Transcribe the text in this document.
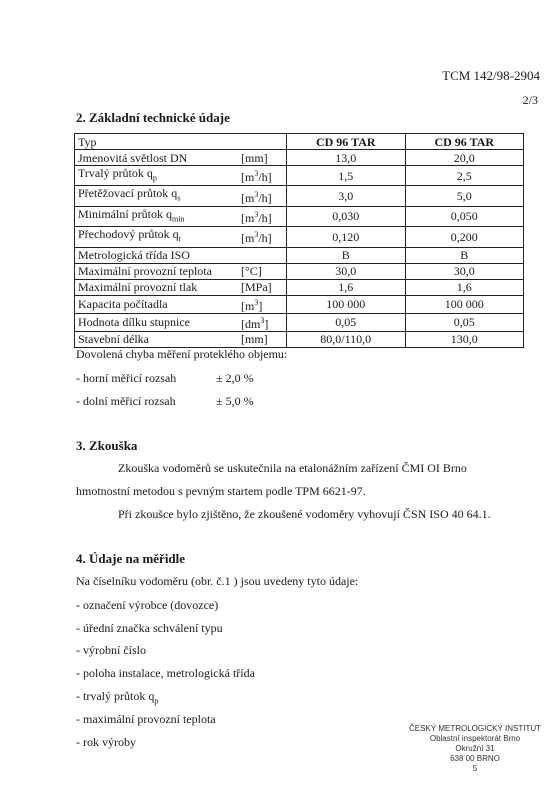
TCM 142/98-2904
2/3
2. Základní technické údaje
Typ		CD 96 TAR	CD 96 TAR
Jmenovitá světlost DN	[mm]	13,0	20,0
Trvalý průtok $q_p$	$[m^3/h]$	1,5	2,5
Přetěžovací průtok $q_s$	$[m^3/h]$	3,0	5,0
Minimální průtok $q_{min}$	$[m^3/h]$	0,030	0,050
Přechodový průtok $q_t$	$[m^3/h]$	0,120	0,200
Metrologická třída ISO		B	B
Maximální provozní teplota	[°C]	30,0	30,0
Maximální provozní tlak	[MPa]	1,6	1,6
Kapacita počítadla	$[m^3]$	100 000	100 000
Hodnota dílku stupnice	$[dm^3]$	0,05	0,05
Stavební délka	[mm]	80,0/110,0	130,0
Dovolená chyba měření proteklého objemu:
- horní měřicí rozsah	± 2,0 %
- dolní měřicí rozsah	± 5,0 %
3. Zkouška
Zkouška vodoměrů se uskutečnila na etalonážním zařízení ČMI OI Brno
hmotnostní metodou s pevným startem podle TPM 6621-97.
Při zkoušce bylo zjištěno, že zkoušené vodoměry vyhovují ČSN ISO 40 64.1.
4. Údaje na měřidle
Na číselníku vodoměru (obr. č.1 ) jsou uvedeny tyto údaje:
- označení výrobce (dovozce)
- úřední značka schválení typu
- výrobní číslo
- poloha instalace, metrologická třída
- trvalý průtok $q_p$
- maximální provozní teplota
- rok výroby
ČESKÝ METROLOGICKÝ INSTITUT
Oblastní inspektorát Brno
Okružní 31
638 00 BRNO
5
